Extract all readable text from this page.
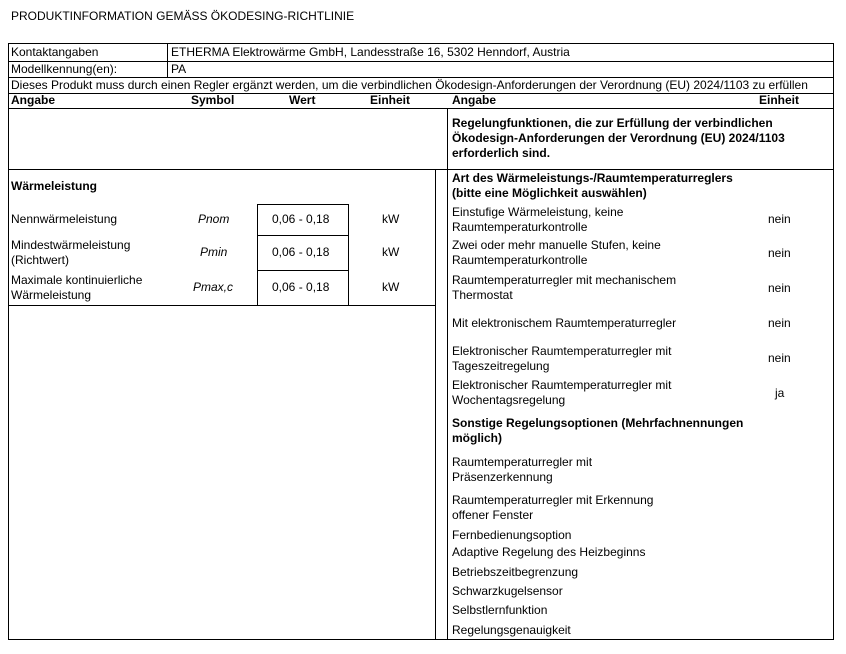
PRODUKTINFORMATION GEMÄSS ÖKODESING-RICHTLINIE
Kontaktangaben	ETHERMA Elektrowärme GmbH, Landesstraße 16, 5302 Henndorf, Austria
Modellkennung(en):	PA
Dieses Produkt muss durch einen Regler ergänzt werden, um die verbindlichen Ökodesign-Anforderungen der Verordnung (EU) 2024/1103 zu erfüllen
Angabe	Symbol	Wert	Einheit	Angabe	Einheit
Regelungfunktionen, die zur Erfüllung der verbindlichen
Ökodesign-Anforderungen der Verordnung (EU) 2024/1103
erforderlich sind.
Wärmeleistung
Nennwärmeleistung	Pnom	0,06 - 0,18	kW
Mindestwärmeleistung
(Richtwert)
Pmin	0,06 - 0,18	kW
Maximale kontinuierliche
Wärmeleistung
Pmax,c	0,06 - 0,18	kW
Art des Wärmeleistungs-/Raumtemperaturreglers
(bitte eine Möglichkeit auswählen)
Einstufige Wärmeleistung, keine
Raumtemperaturkontrolle
nein
Zwei oder mehr manuelle Stufen, keine
Raumtemperaturkontrolle	nein
Raumtemperaturregler mit mechanischem
Thermostat	nein
Mit elektronischem Raumtemperaturregler	nein
Elektronischer Raumtemperaturregler mit
Tageszeitregelung
nein
Elektronischer Raumtemperaturregler mit
Wochentagsregelung	ja
Sonstige Regelungsoptionen (Mehrfachnennungen
möglich)
Raumtemperaturregler mit
Präsenzerkennung
Raumtemperaturregler mit Erkennung
offener Fenster
Fernbedienungsoption
Adaptive Regelung des Heizbeginns
Betriebszeitbegrenzung
Schwarzkugelsensor
Selbstlernfunktion
Regelungsgenauigkeit
